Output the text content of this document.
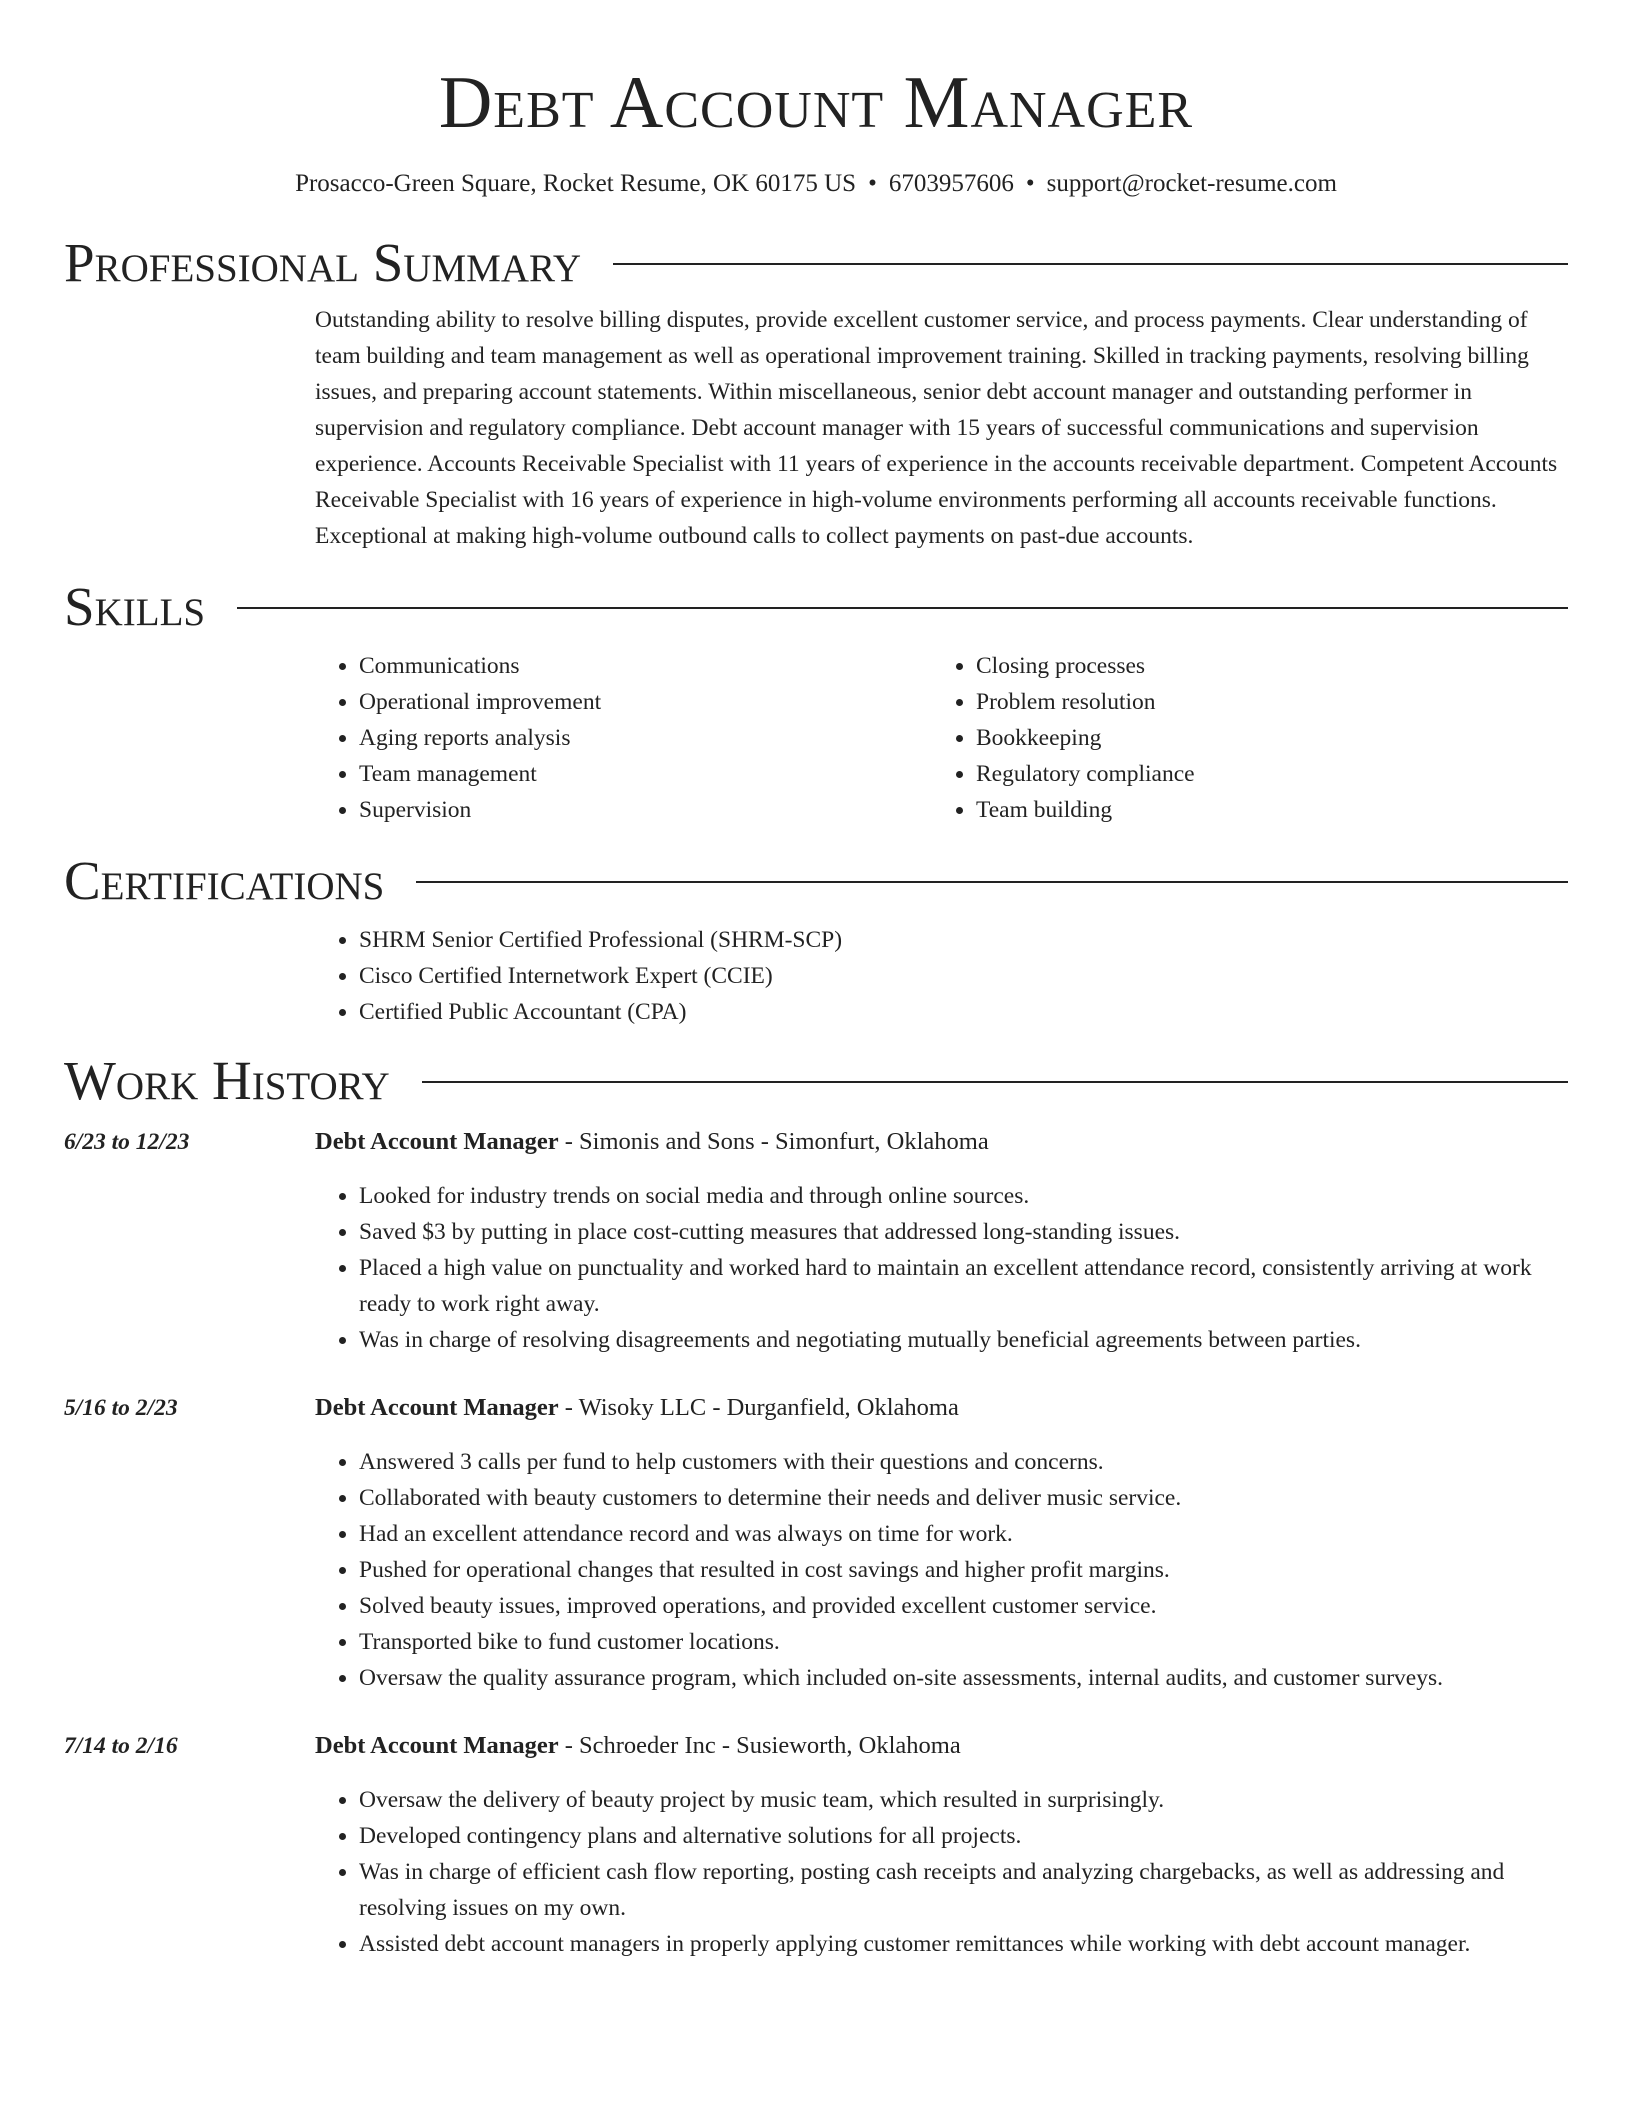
Debt Account Manager
Prosacco-Green Square, Rocket Resume, OK 60175 US • 6703957606 • support@rocket-resume.com
Professional Summary

Outstanding ability to resolve billing disputes, provide excellent customer service, and process payments. Clear understanding of team building and team management as well as operational improvement training. Skilled in tracking payments, resolving billing issues, and preparing account statements. Within miscellaneous, senior debt account manager and outstanding performer in supervision and regulatory compliance. Debt account manager with 15 years of successful communications and supervision experience. Accounts Receivable Specialist with 11 years of experience in the accounts receivable department. Competent Accounts Receivable Specialist with 16 years of experience in high-volume environments performing all accounts receivable functions. Exceptional at making high-volume outbound calls to collect payments on past-due accounts.

Skills
• Communications
• Operational improvement
• Aging reports analysis
• Team management
• Supervision
• Closing processes
• Problem resolution
• Bookkeeping
• Regulatory compliance
• Team building
Certifications
• SHRM Senior Certified Professional (SHRM-SCP)
• Cisco Certified Internetwork Expert (CCIE)
• Certified Public Accountant (CPA)
Work History
6/23 to 12/23	Debt Account Manager - Simonis and Sons - Simonfurt, Oklahoma
• Looked for industry trends on social media and through online sources.
• Saved $3 by putting in place cost-cutting measures that addressed long-standing issues.
• Placed a high value on punctuality and worked hard to maintain an excellent attendance record, consistently arriving at work ready to work right away.
• Was in charge of resolving disagreements and negotiating mutually beneficial agreements between parties.
5/16 to 2/23	Debt Account Manager - Wisoky LLC - Durganfield, Oklahoma
• Answered 3 calls per fund to help customers with their questions and concerns.
• Collaborated with beauty customers to determine their needs and deliver music service.
• Had an excellent attendance record and was always on time for work.
• Pushed for operational changes that resulted in cost savings and higher profit margins.
• Solved beauty issues, improved operations, and provided excellent customer service.
• Transported bike to fund customer locations.
• Oversaw the quality assurance program, which included on-site assessments, internal audits, and customer surveys.
7/14 to 2/16	Debt Account Manager - Schroeder Inc - Susieworth, Oklahoma
• Oversaw the delivery of beauty project by music team, which resulted in surprisingly.
• Developed contingency plans and alternative solutions for all projects.
• Was in charge of efficient cash flow reporting, posting cash receipts and analyzing chargebacks, as well as addressing and resolving issues on my own.
• Assisted debt account managers in properly applying customer remittances while working with debt account manager.
